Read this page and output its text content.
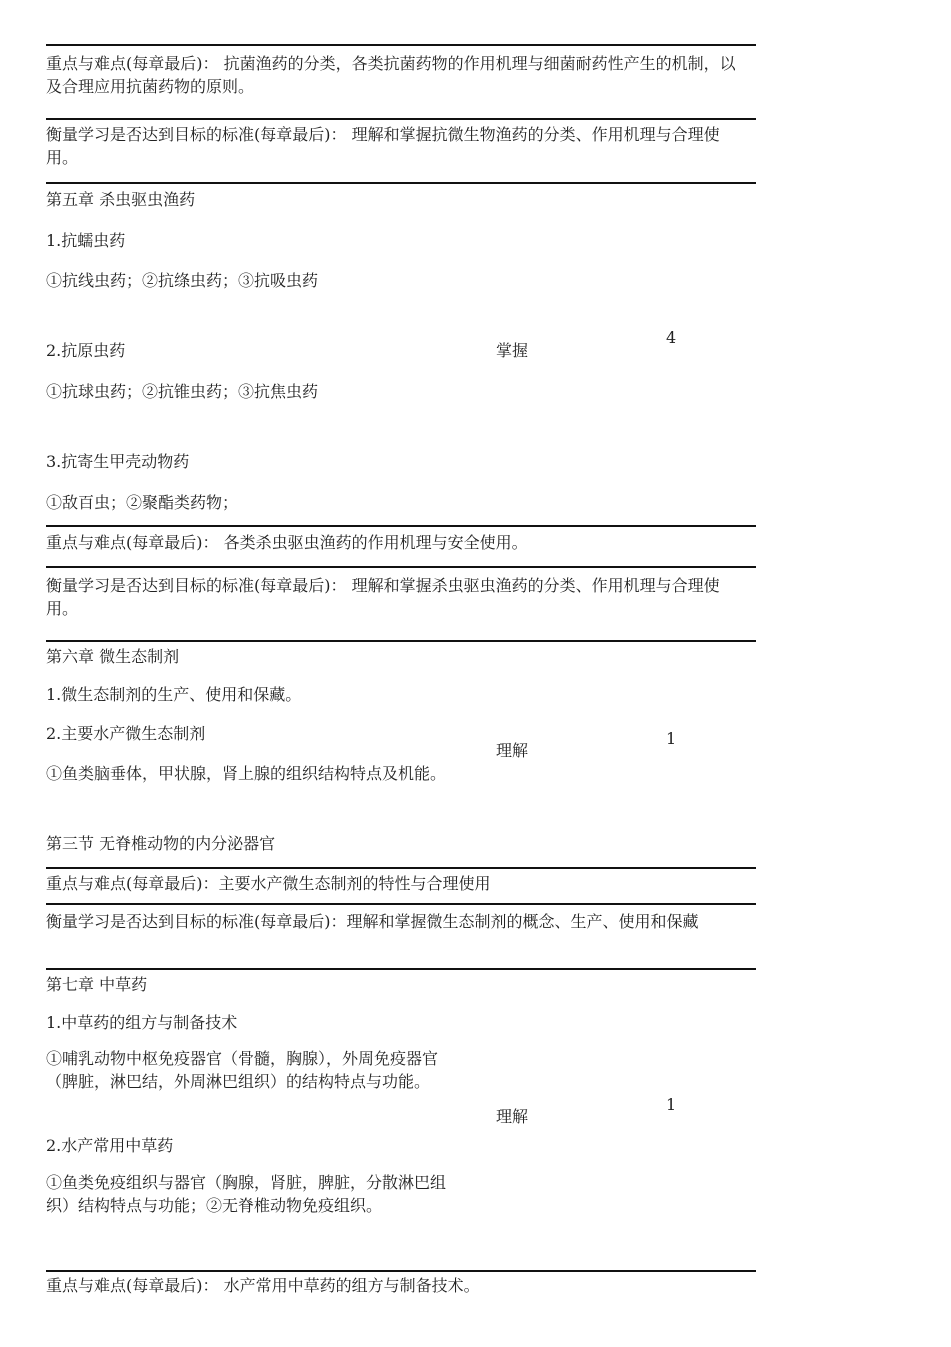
重点与难点(每章最后)： 抗菌渔药的分类，各类抗菌药物的作用机理与细菌耐药性产生的机制，以及合理应用抗菌药物的原则。
衡量学习是否达到目标的标准(每章最后)： 理解和掌握抗微生物渔药的分类、作用机理与合理使用。
第五章 杀虫驱虫渔药
1.抗蠕虫药
①抗线虫药；②抗绦虫药；③抗吸虫药
2.抗原虫药	掌握
4
①抗球虫药；②抗锥虫药；③抗焦虫药
3.抗寄生甲壳动物药
①敌百虫；②聚酯类药物；
重点与难点(每章最后)： 各类杀虫驱虫渔药的作用机理与安全使用。
衡量学习是否达到目标的标准(每章最后)： 理解和掌握杀虫驱虫渔药的分类、作用机理与合理使用。
第六章 微生态制剂
1.微生态制剂的生产、使用和保藏。
2.主要水产微生态制剂
理解
1
①鱼类脑垂体，甲状腺，肾上腺的组织结构特点及机能。
第三节 无脊椎动物的内分泌器官
重点与难点(每章最后)：主要水产微生态制剂的特性与合理使用
衡量学习是否达到目标的标准(每章最后)：理解和掌握微生态制剂的概念、生产、使用和保藏
第七章 中草药
1.中草药的组方与制备技术
①哺乳动物中枢免疫器官（骨髓，胸腺），外周免疫器官（脾脏，淋巴结，外周淋巴组织）的结构特点与功能。
理解
1
2.水产常用中草药
①鱼类免疫组织与器官（胸腺，肾脏，脾脏，分散淋巴组织）结构特点与功能；②无脊椎动物免疫组织。
重点与难点(每章最后)： 水产常用中草药的组方与制备技术。
